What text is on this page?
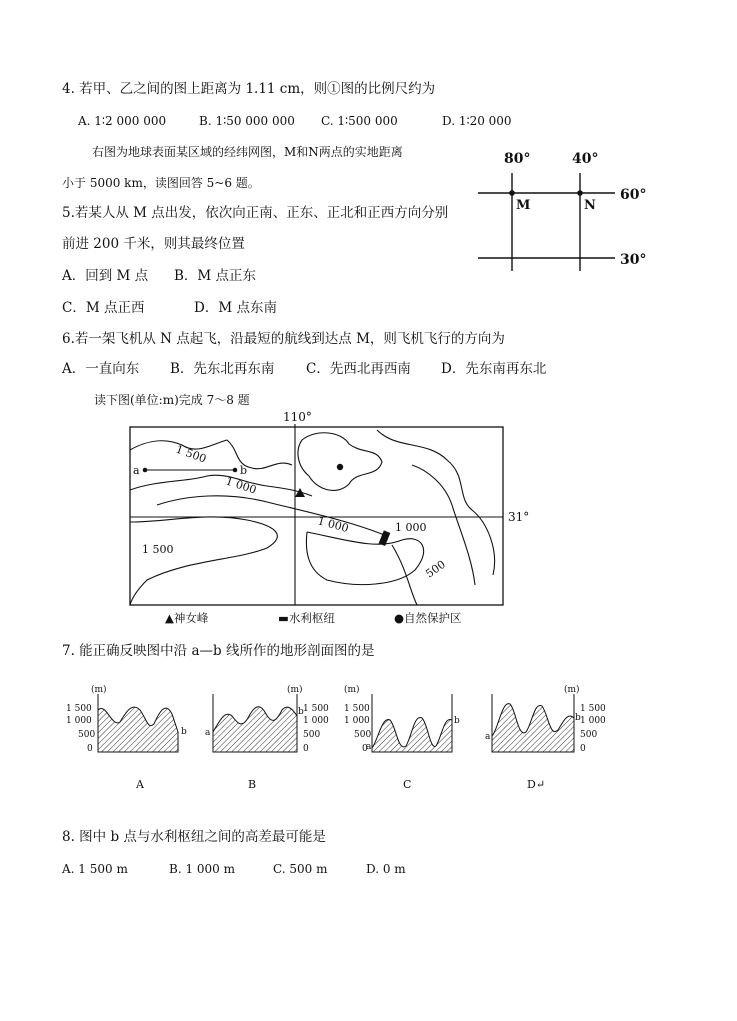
4. 若甲、乙之间的图上距离为 1.11 cm，则①图的比例尺约为
A. 1∶2 000 000	B. 1∶50 000 000 C. 1∶500 000	D. 1∶20 000
右图为地球表面某区域的经纬网图，M和N两点的实地距离
小于 5000 km，读图回答 5~6 题。
80°	40°
60°
30°
M	N
5.若某人从 M 点出发，依次向正南、正东、正北和正西方向分别
前进 200 千米，则其最终位置
A．回到 M 点 B．M 点正东
C．M 点正西	D．M 点东南
6.若一架飞机从 N 点起飞，沿最短的航线到达点 M，则飞机飞行的方向为
A．一直向东 B．先东北再东南 C．先西北再西南 D．先东南再东北
读下图(单位:m)完成 7～8 题
110°
31°
a	b
1 500
1 000
1 000	1 000
1 500
500
▲神女峰	▬水利枢纽	●自然保护区
7. 能正确反映图中沿 a—b 线所作的地形剖面图的是
(m)
1 500
1 000
500
0
b
A
a
b
(m)
1 500
1 000
500
0
B
(m)
1 500
1 000
500
0
a
b
C
a
b
(m)
1 500
1 000
500
0
D↵
8. 图中 b 点与水利枢纽之间的高差最可能是
A. 1 500 m	B. 1 000 m	C. 500 m	D. 0 m
